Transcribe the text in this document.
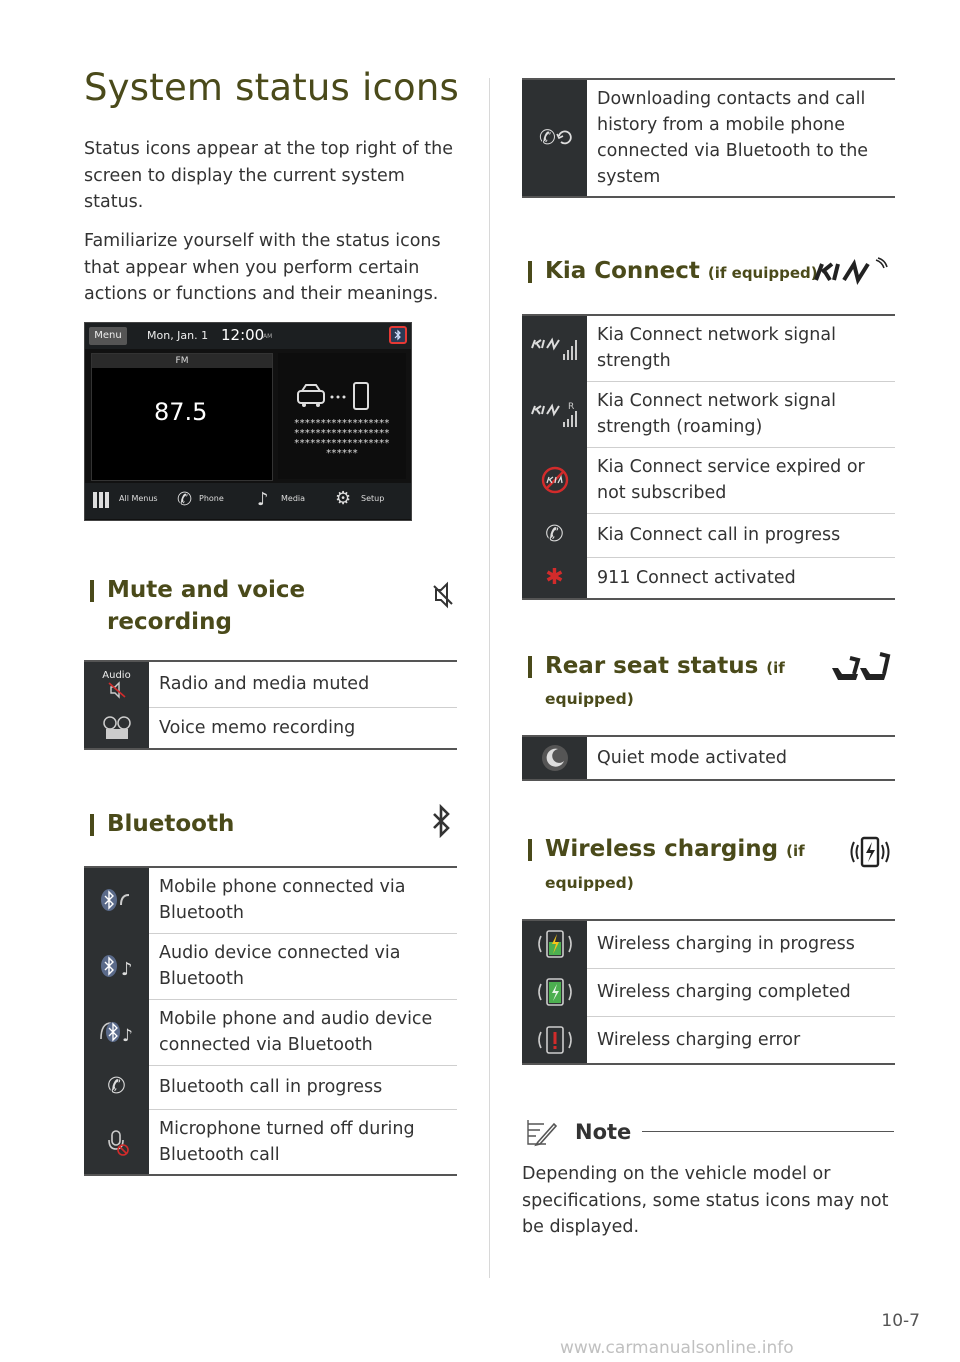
System status icons
Status icons appear at the top right of the screen to display the current system status.
Familiarize yourself with the status icons that appear when you perform certain actions or functions and their meanings.
Menu	Mon, Jan. 1 12:00
AM
FM
87.5	******************
******************
******************
******
All Menus ✆ Phone ♪ Media ⚙ Setup
Mute and voice
recording
Audio	Radio and media muted

	Voice memo recording
Bluetooth
	Mobile phone connected via Bluetooth

♪	Audio device connected via Bluetooth

♪	Mobile phone and audio device connected via Bluetooth

✆	Bluetooth call in progress

	Microphone turned off during Bluetooth call
✆
	Downloading contacts and call history from a mobile phone connected via Bluetooth to the system
Kia Connect (if equipped)
	Kia Connect network signal strength

R	Kia Connect network signal strength (roaming)

	Kia Connect service expired or not subscribed

✆	Kia Connect call in progress

✱	911 Connect activated
Rear seat status (if
equipped)
	Quiet mode activated
Wireless charging (if
equipped)
	Wireless charging in progress

	Wireless charging completed

	Wireless charging error
Note
Depending on the vehicle model or specifications, some status icons may not be displayed.
10-7
www.carmanualsonline.info
